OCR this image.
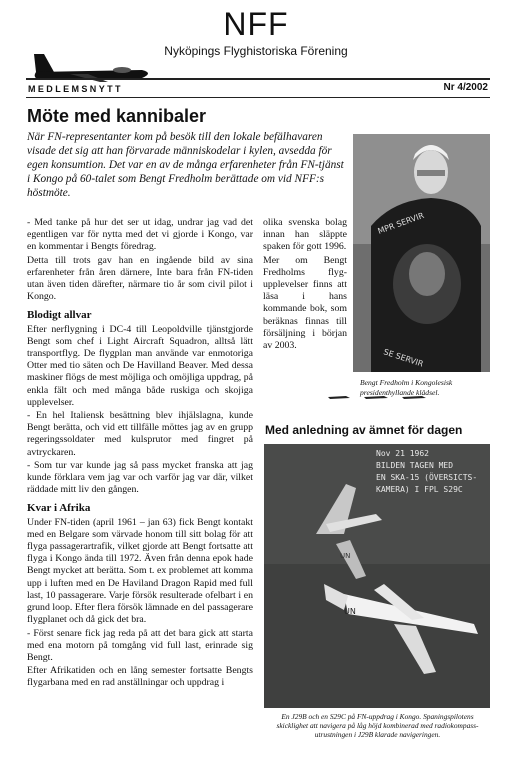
NFF
Nyköpings Flyghistoriska Förening
MEDLEMSNYTT	Nr 4/2002
Möte med kannibaler
När FN-representanter kom på besök till den lokale befälhavaren visade det sig att han förvarade människodelar i kylen, avsedda för egen konsumtion. Det var en av de många erfarenheter från FN-tjänst i Kongo på 60-talet som Bengt Fredholm berättade om vid NFF:s höstmöte.
MPR SERVIR
SE SERVIR
Bengt Fredholm i Kongolesisk presidenthyllande klädsel.

- Med tanke på hur det ser ut idag, undrar jag vad det egentligen var för nytta med det vi gjorde i Kongo, var en kommentar i Bengts föredrag.

Detta till trots gav han en ingående bild av sina erfarenheter från åren därnere, Inte bara från FN-tiden utan även tiden därefter, närmare tio år som civil pilot i Kongo.

Blodigt allvar

Efter nerflygning i DC-4 till Leopoldville tjänstgjorde Bengt som chef i Light Aircraft Squadron, alltså lätt transportflyg. De flygplan man använde var enmotoriga Otter med tio säten och De Havilland Beaver. Med dessa maskiner flögs de mest möjliga och omöjliga uppdrag, på enkla fält och med många både ruskiga och skojiga upplevelser.

- En hel Italiensk besättning blev ihjälslagna, kunde Bengt berätta, och vid ett tillfälle möttes jag av en grupp regeringssoldater med kulsprutor med fingret på avtryckaren.

- Som tur var kunde jag så pass mycket franska att jag kunde förklara vem jag var och varför jag var där, vilket räddade mitt liv den gången.

Kvar i Afrika

Under FN-tiden (april 1961 – jan 63) fick Bengt kontakt med en Belgare som värvade honom till sitt bolag för att flyga passagerartrafik, vilket gjorde att Bengt fortsatte att flyga i Kongo ända till 1972. Även från denna epok hade Bengt mycket att berätta. Som t. ex problemet att komma upp i luften med en De Haviland Dragon Rapid med full last, 10 passagerare. Varje försök resulterade ofelbart i en grund loop. Efter flera försök lämnade en del passagerare flygplanet och då gick det bra.

- Först senare fick jag reda på att det bara gick att starta med ena motorn på tomgång vid full last, erinrade sig Bengt.

Efter Afrikatiden och en lång semester fortsatte Bengts flygarbana med en rad anställningar och uppdrag i

olika svenska bolag innan han släppte spaken för gott 1996.

Mer om Bengt Fredholms flyg-upplevelser finns att läsa i hans kommande bok, som beräknas finnas till försäljning i början av 2003.

Med anledning av ämnet för dagen
Nov 21 1962
BILDEN TAGEN MED
EN SKA-15 (ÖVERSICTS-
KAMERA) I FPL S29C
UN
UN
En J29B och en S29C på FN-uppdrag i Kongo. Spaningspilotens skicklighet att navigera på låg höjd kombinerad med radiokompass-utrustningen i J29B klarade navigeringen.
